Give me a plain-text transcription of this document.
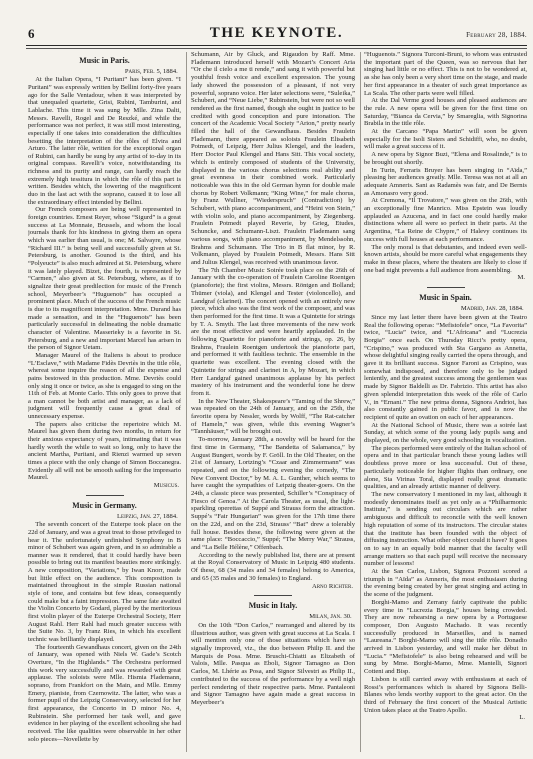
6	THE KEYNOTE.	February 28, 1884.
Music in Paris.
Paris, Feb. 5, 1884.

At the Italian Opera, “I Puritani” has been given. “I Puritani” was expressly written by Bellini forty-five years ago for the Salle Ventadour, when it was interpreted by that unequaled quartette, Grisi, Rubini, Tamburini, and Lablache. This time it was sung by Mlle. Zina Dalti, Messrs. Ravelli, Rogel and De Reszké, and while the performance was not perfect, it was still most interesting, especially if one takes into consideration the difficulties besetting the interpretation of the rôles of Elvira and Arturo. The latter rôle, written for the exceptional organ of Rubini, can hardly be sung by any artist of to-day in its original compass. Ravelli’s voice, notwithstanding its richness and its purity and range, can hardly reach the extremely high tessitura in which the rôle of this part is written. Besides which, the lowering of the magnificent duo in the last act with the soprano, caused it to lose all the extraordinary effect intended by Bellini.

Our French composers are being well represented in foreign countries. Ernest Reyer, whose “Sigurd” is a great success at La Monnaie, Brussels, and whom the local journals thank for his kindness in giving them an opera which was earlier than usual, is one; M. Salvayre, whose “Richard III.” is being well and successfully given at St. Petersburg, is another. Gounod is the third, and his “Polyeucte” is also much admired at St. Petersburg, where it was lately played. Bizet, the fourth, is represented by “Carmen,” also given at St. Petersburg, where, as if to signalize their great predilection for music of the French school, Meyerbeer’s “Huguenots” has occupied a prominent place. Much of the success of the French music is due to its magnificent interpretation. Mme. Durand has made a sensation, and in the “Huguenots” has been particularly successful in delineating the noble dramatic character of Valentine. Masserieky is a favorite in St. Petersburg, and a new and important Marcel has arisen in the person of Signor Uetam.

Manager Maurel of the Italiens is about to produce “L’Esclave,” with Madame Fidès Devriès in the title rôle, whereat some inquire the reason of all the expense and pains bestowed in this production. Mme. Devriès could only sing it once or twice, as she is engaged to sing on the 11th of Feb. at Monte Carlo. This only goes to prove that a man cannot be both artist and manager, as a lack of judgment will frequently cause a great deal of unnecessary expense.

The papers also criticise the repertoire which M. Maurel has given them during two months, in return for their anxious expectancy of years, intimating that it was hardly worth the while to wait so long, only to have the ancient Martha, Puritani, and Rienzi warmed up seven times a piece with the only change of Simon Boccanegra. Evidently all will not be smooth sailing for the impresario Maurel.

Musicus.
Music in Germany.
Leipzig, Jan. 27, 1884.

The seventh concert of the Euterpe took place on the 22d of January, and was a great treat to those privileged to hear it. The unfortunately unfinished Symphony in B minor of Schubert was again given, and in so admirable a manner was it rendered, that it could hardly have been possible to bring out its manifest beauties more strikingly. A new composition, “Variations,” by Iwan Knorr, made but little effect on the audience. This composition is maintained throughout in the simple Russian national style of tone, and contains but few ideas, consequently could make but a faint impression. The same fate awaited the Violin Concerto by Godard, played by the meritorious first violin player of the Euterpe Orchestral Society, Herr August Rahl. Herr Rahl had much greater success with the Suite No. 3, by Franz Ries, in which his excellent technic was brilliantly displayed.

The fourteenth Gewandhaus concert, given on the 24th of January, was opened with Niels W. Gade’s Scotch Overture, “In the Highlands.” The Orchestra performed this work very successfully and was rewarded with great applause. The soloists were Mlle. Hismia Flademann, soprano, from Frankfort on the Main, and Mlle. Emmy Emery, pianiste, from Czernowitz. The latter, who was a former pupil of the Leipzig Conservatory, selected for her first appearance, the Concerto in D minor No. 4, Rubinstein. She performed her task well, and gave evidence in her playing of the excellent schooling she had received. The like qualities were observable in her other solo pieces—Novellette by

Schumann, Air by Gluck, and Rigaudon by Raff. Mme. Flademann introduced herself with Mozart’s Concert Aria “Or che il cielo a me ti rende,” and sang it with powerful but youthful fresh voice and excellent expression. The young lady showed the possession of a pleasant, if not very powerful, soprano voice. Her later selections were, “Suleika,” Schubert, and “Neue Liebe,” Rubinstein, but were not so well rendered as the first named, though she ought in justice to be credited with good conception and pure intonation. The concert of the Academic Vocal Society “Arion,” pretty nearly filled the hall of the Gewandhaus. Besides Fraulein Flademann, there appeared as soloists Fraulein Elisabeth Potmedt, of Leipzig, Herr Julius Klengel, and the leaders, Herr Doctor Paul Klengel and Hans Sitt. This vocal society, which is entirely composed of students of the University, displayed in the various chorus selections real ability and great evenness in their combined work. Particularly noticeable was this in the old German hymn for double male chorus by Robert Volkmann; “King Wine,” for male chorus, by Franz Wullner, “Wiederspruch” (Contradiction) by Schubert, with piano accompaniment, and “Heini von Stein,” with violin solo, and piano accompaniment, by Ziegenberg. Fraulein Potmedt played Reverie, by Grieg, Etudes, Schuncke, and Schumann-Liszt. Fraulein Flademann sang various songs, with piano accompaniment, by Mendelssohn, Brahms and Schumann. The Trio in B flat minor, by R. Volkmann, played by Fraulein Potmedt, Messrs. Hans Sitt and Julius Klengel, was received with unanimous favor.

The 7th Chamber Music Soirée took place on the 26th of January with the co-operation of Fraulein Caroline Roentgen (pianoforte); the first violins, Messrs. Röntgen and Bolland; Thümer (viola), and Klengel and Tester (violoncello), and Landgraf (clarinet). The concert opened with an entirely new piece, which also was the first work of the composer, and was then performed for the first time. It was a Quintette for strings by T. A. Smyth. The last three movements of the new work are the most effective and were heartily applauded. In the following Quartette for pianoforte and strings, op. 26, by Brahms, Fraulein Roentgen undertook the pianoforte part, and performed it with faultless technic. The ensemble in the quartette was excellent. The evening closed with the Quintette for strings and clarinet in A, by Mozart, in which Herr Landgraf gained unanimous applause by his perfect mastery of his instrument and the wonderful tone he drew from it.

In the New Theater, Shakespeare’s “Taming of the Shrew,” was repeated on the 24th of January, and on the 25th, the favorite opera by Nessler, words by Wolff, “The Rat-catcher of Hameln,” was given, while this evening Wagner’s “Tannhäuser,” will be brought out.

To-morrow, January 28th, a novelty will be heard for the first time in Germany, “The Bandetta of Salamanca,” by August Bungert, words by F. Gröll. In the Old Theater, on the 21st of January, Lortzing’s “Czaar and Zimmermann” was repeated, and on the following evening the comedy, “The New Convent Doctor,” by M. A. L. Gunther, which seems to have caught the sympathies of Leipzig theater-goers. On the 24th, a classic piece was presented, Schiller’s “Conspiracy of Fiesco of Genoa.” At the Carola Theater, as usual, the light-sparkling operettas of Suppé and Strauss form the attraction. Suppé’s “Fair Hungarian” was given for the 17th time there on the 22d, and on the 23d, Strauss’ “Bat” drew a tolerably full house. Besides these, the following were given at the same place: “Boccaccio,” Suppé; “The Merry War,” Strauss, and “La Belle Hélène,” Offenbach.

According to the newly published list, there are at present at the Royal Conservatory of Music in Leipzig 480 students. Of these, 68 (34 males and 34 females) belong to America, and 65 (35 males and 30 females) to England.

Arno Richter.
Music in Italy.
Milan, Jan. 30.

On the 10th “Don Carlos,” rearranged and altered by its illustrious author, was given with great success at La Scala. I will mention only one of those situations which have so signally improved, viz., the duo between Philip II. and the Marquis de Posa. Mme. Bruschi-Chiatti as Elizabeth of Valois, Mlle. Pasqua as Eboli, Signor Tamagno as Don Carlos, M. Lhérie as Posa, and Signor Silvestri as Philip II., contributed to the success of the performance by a well nigh perfect rendering of their respective parts. Mme. Pantaleoni and Signor Tamagno have again made a great success in Meyerbeer’s

“Huguenots.” Signora Turconi-Bruni, to whom was entrusted the important part of the Queen, was so nervous that her singing had little or no effect. This is not to be wondered at, as she has only been a very short time on the stage, and made her first appearance in a theater of such great importance as La Scala. The other parts were well filled.

At the Dal Verme good houses and pleased audiences are the rule. A new opera will be given for the first time on Saturday, “Bianca da Cervia,” by Smareglia, with Signorina Brabila in the title rôle.

At the Carcano “Papa Martin” will soon be given especially for the Isoli Sisters and Schidiffi, who, no doubt, will make a great success of it.

A new opera by Signor Buzi, “Elena and Rosalinde,” is to be brought out shortly.

In Turin, Ferraris Bruyer has been singing in “Aïda,” pleasing her audiences greatly. Mlle. Teresa was not at all an adequate Amneris. Sani as Radamès was fair, and De Bernis as Amonasro very good.

At Cremona, “Il Trovatore,” was given on the 26th, with an exceptionally fine Manrico. Miss Epstein was loudly applauded as Azucena, and in fact one could hardly make distinctions where all were so perfect in their parts. At the Argentina, “La Reine de Chypre,” of Halevy continues its success with full houses at each performance.

The only moral is that debutantes, and indeed even well-known artists, should be more careful what engagements they make in these places, where the theaters are likely to close if one bad night prevents a full audience from assembling.

M.
Music in Spain.
Madrid, Jan. 28, 1884.

Since my last letter there have been given at the Teatro Real the following operas: “Mefistofele” once, “La Favorita” twice, “Lucia” twice, and “L’Africana” and “Lucrezia Borgia” once each. On Thursday Ricci’s pretty opera, “Crispino,” was produced with Sta Gargano as Annetta, whose delightful singing really carried the opera through, and gave it its brilliant success. Signor Faroni as Crispino, was somewhat indisposed, and therefore only to be judged leniently, and the greatest success among the gentlemen was made by Signor Baldelli as Dr. Fabrizio. This artist has also given splendid interpretation this week of the rôle of Carlo V., in “Ernani.” The new prima donna, Signora Andriot, has also constantly gained in public favor, and is now the recipient of quite an ovation on each of her appearances.

At the National School of Music, there was a soirée last Sunday, at which some of the young lady pupils sang and displayed, on the whole, very good schooling in vocalization.

The pieces performed were entirely of the Italian school of opera and in that particular branch these young ladies will doubtless prove more or less successful. Out of these, particularly noticeable for higher flights than ordinary, one alone, Sta Virinas Toral, displayed really great dramatic qualities, and an already artistic manner of delivery.

The new conservatory I mentioned in my last, although it modestly denominates itself as yet only as a “Philharmonic Institute,” is sending out circulars which are rather ambiguous and difficult to reconcile with the well known high reputation of some of its instructors. The circular states that the institute has been founded with the object of diffusing instruction. What other object could it have? It goes on to say in an equally bold manner that the faculty will arrange matters so that each pupil will receive the necessary number of lessons!

At the San Carlos, Lisbon, Signora Pozzoni scored a triumph in “Aïda” as Amneris, the most enthusiasm during the evening being created by her great singing and acting in the scene of the judgment.

Borghi-Mamo and Zerrany fairly captivate the public every time in “Lucrezia Borgia,” houses being crowded. They are now rehearsing a new opera by a Portuguese composer, Don Augusto Machado. It was recently successfully produced in Marseilles, and is named “Laureana.” Borghi-Mamo will sing the title rôle. Donadio arrived in Lisbon yesterday, and will make her début in “Lucia.” “Mefistofele” is also being rehearsed and will be sung by Mme. Borghi-Mamo, Mme. Mantelli, Signori Cotteni and Bisp.

Lisbon is still carried away with enthusiasm at each of Rossi’s performances which is shared by Signora Belli-Blanes who lends worthy support to the great actor. On the third of February the first concert of the Musical Artistic Union takes place at the Teatro Apollo.

L.
